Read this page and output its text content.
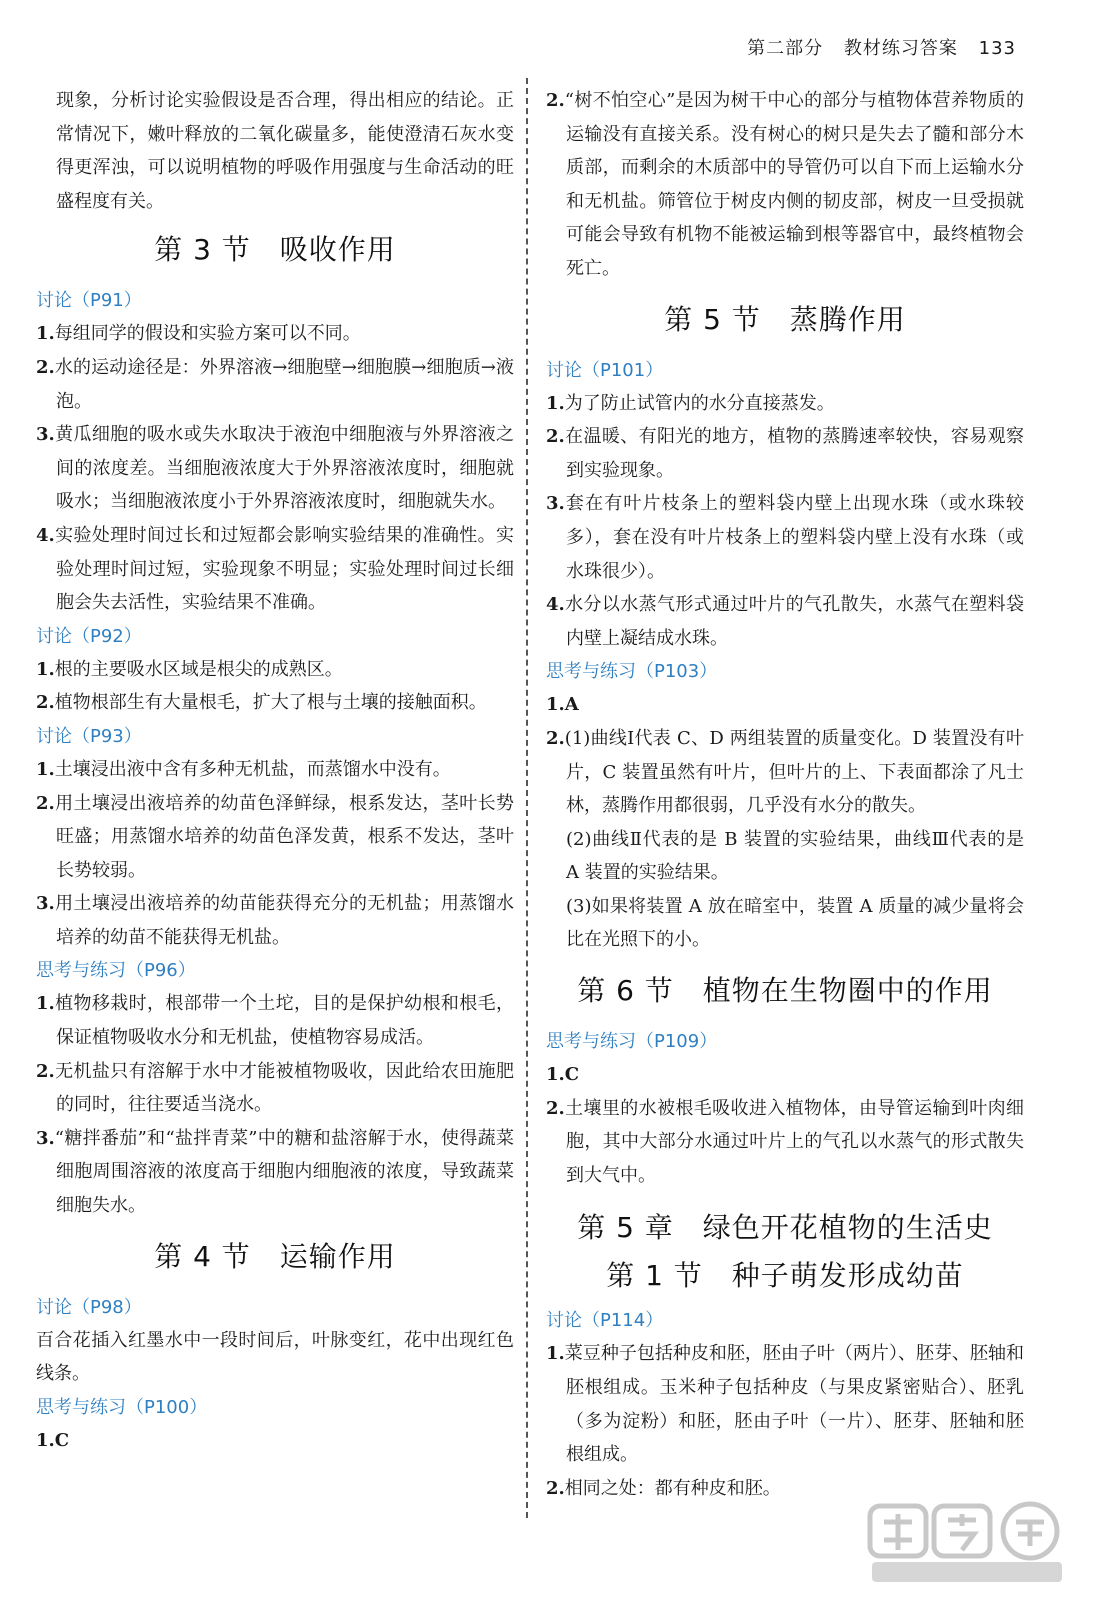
第二部分 教材练习答案 133
现象，分析讨论实验假设是否合理，得出相应的结论。正常情况下，嫩叶释放的二氧化碳量多，能使澄清石灰水变得更浑浊，可以说明植物的呼吸作用强度与生命活动的旺盛程度有关。
第 3 节　吸收作用
讨论（P91）
1.每组同学的假设和实验方案可以不同。
2.水的运动途径是：外界溶液→细胞壁→细胞膜→细胞质→液泡。
3.黄瓜细胞的吸水或失水取决于液泡中细胞液与外界溶液之间的浓度差。当细胞液浓度大于外界溶液浓度时，细胞就吸水；当细胞液浓度小于外界溶液浓度时，细胞就失水。
4.实验处理时间过长和过短都会影响实验结果的准确性。实验处理时间过短，实验现象不明显；实验处理时间过长细胞会失去活性，实验结果不准确。
讨论（P92）
1.根的主要吸水区域是根尖的成熟区。
2.植物根部生有大量根毛，扩大了根与土壤的接触面积。
讨论（P93）
1.土壤浸出液中含有多种无机盐，而蒸馏水中没有。
2.用土壤浸出液培养的幼苗色泽鲜绿，根系发达，茎叶长势旺盛；用蒸馏水培养的幼苗色泽发黄，根系不发达，茎叶长势较弱。
3.用土壤浸出液培养的幼苗能获得充分的无机盐；用蒸馏水培养的幼苗不能获得无机盐。
思考与练习（P96）
1.植物移栽时，根部带一个土坨，目的是保护幼根和根毛，保证植物吸收水分和无机盐，使植物容易成活。
2.无机盐只有溶解于水中才能被植物吸收，因此给农田施肥的同时，往往要适当浇水。
3.“糖拌番茄”和“盐拌青菜”中的糖和盐溶解于水，使得蔬菜细胞周围溶液的浓度高于细胞内细胞液的浓度，导致蔬菜细胞失水。
第 4 节　运输作用
讨论（P98）
百合花插入红墨水中一段时间后，叶脉变红，花中出现红色线条。
思考与练习（P100）
1.C
2.“树不怕空心”是因为树干中心的部分与植物体营养物质的运输没有直接关系。没有树心的树只是失去了髓和部分木质部，而剩余的木质部中的导管仍可以自下而上运输水分和无机盐。筛管位于树皮内侧的韧皮部，树皮一旦受损就可能会导致有机物不能被运输到根等器官中，最终植物会死亡。
第 5 节　蒸腾作用
讨论（P101）
1.为了防止试管内的水分直接蒸发。
2.在温暖、有阳光的地方，植物的蒸腾速率较快，容易观察到实验现象。
3.套在有叶片枝条上的塑料袋内壁上出现水珠（或水珠较多），套在没有叶片枝条上的塑料袋内壁上没有水珠（或水珠很少）。
4.水分以水蒸气形式通过叶片的气孔散失，水蒸气在塑料袋内壁上凝结成水珠。
思考与练习（P103）
1.A
2.(1)曲线Ⅰ代表 C、D 两组装置的质量变化。D 装置没有叶片，C 装置虽然有叶片，但叶片的上、下表面都涂了凡士林，蒸腾作用都很弱，几乎没有水分的散失。
(2)曲线Ⅱ代表的是 B 装置的实验结果，曲线Ⅲ代表的是 A 装置的实验结果。
(3)如果将装置 A 放在暗室中，装置 A 质量的减少量将会比在光照下的小。
第 6 节　植物在生物圈中的作用
思考与练习（P109）
1.C
2.土壤里的水被根毛吸收进入植物体，由导管运输到叶肉细胞，其中大部分水通过叶片上的气孔以水蒸气的形式散失到大气中。
第 5 章　绿色开花植物的生活史
第 1 节　种子萌发形成幼苗
讨论（P114）
1.菜豆种子包括种皮和胚，胚由子叶（两片）、胚芽、胚轴和胚根组成。玉米种子包括种皮（与果皮紧密贴合）、胚乳（多为淀粉）和胚，胚由子叶（一片）、胚芽、胚轴和胚根组成。
2.相同之处：都有种皮和胚。
